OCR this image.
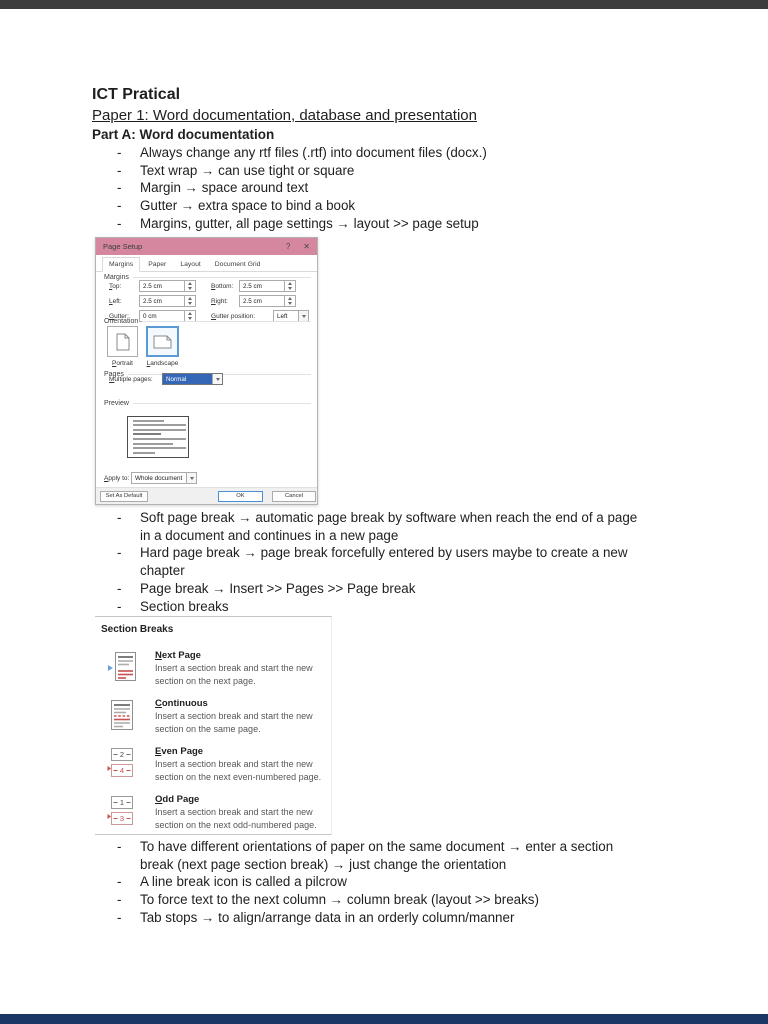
ICT Pratical
Paper 1: Word documentation, database and presentation
Part A: Word documentation
- Always change any rtf files (.rtf) into document files (docx.)
- Text wrap → can use tight or square
- Margin → space around text
- Gutter → extra space to bind a book
- Margins, gutter, all page settings → layout >> page setup
Page Setup	? ✕
Margins	Paper	Layout	Document Grid
Margins
Top:	2.5 cm	Bottom:	2.5 cm
Left:	2.5 cm	Right:	2.5 cm
Gutter:	0 cm	Gutter position:	Left
Orientation
Portrait	Landscape
Pages
Multiple pages:	Normal
Preview
Apply to: Whole document
Set As Default	OK	Cancel
- Soft page break → automatic page break by software when reach the end of a page
in a document and continues in a new page
- Hard page break → page break forcefully entered by users maybe to create a new
chapter
- Page break → Insert >> Pages >> Page break
- Section breaks
Section Breaks
Next Page
Insert a section break and start the new
section on the next page.
Continuous
Insert a section break and start the new
section on the same page.
2
4
Even Page
Insert a section break and start the new
section on the next even-numbered page.
1
3
Odd Page
Insert a section break and start the new
section on the next odd-numbered page.
- To have different orientations of paper on the same document → enter a section
break (next page section break) → just change the orientation
- A line break icon is called a pilcrow
- To force text to the next column → column break (layout >> breaks)
- Tab stops → to align/arrange data in an orderly column/manner
